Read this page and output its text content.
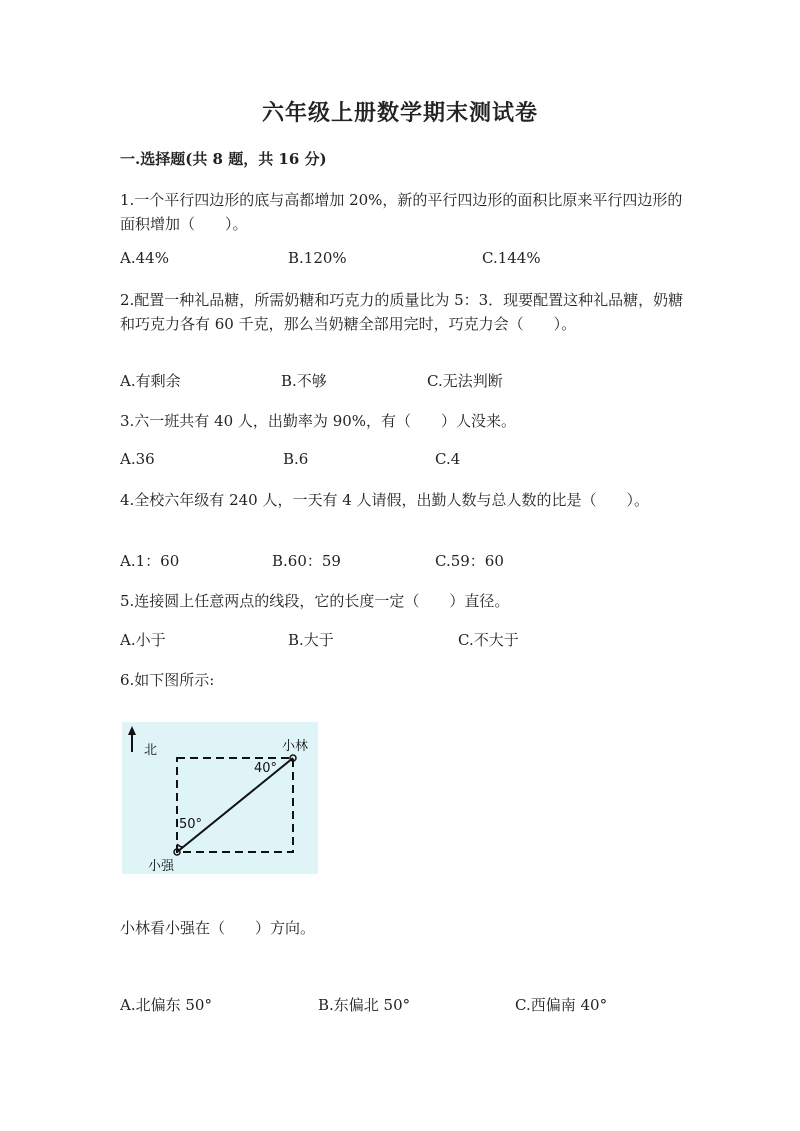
六年级上册数学期末测试卷
一.选择题(共 8 题，共 16 分)
1.一个平行四边形的底与高都增加 20%，新的平行四边形的面积比原来平行四边形的面积增加（　　）。
A.44%	B.120%	C.144%
2.配置一种礼品糖，所需奶糖和巧克力的质量比为 5：3．现要配置这种礼品糖，奶糖和巧克力各有 60 千克，那么当奶糖全部用完时，巧克力会（　　）。
A.有剩余	B.不够	C.无法判断
3.六一班共有 40 人，出勤率为 90%，有（　　）人没来。
A.36	B.6	C.4
4.全校六年级有 240 人，一天有 4 人请假，出勤人数与总人数的比是（　　）。
A.1：60	B.60：59	C.59：60
5.连接圆上任意两点的线段，它的长度一定（　　）直径。
A.小于	B.大于	C.不大于
6.如下图所示:
北	小林
40°
50°
小强
小林看小强在（　　）方向。
A.北偏东 50°	B.东偏北 50°	C.西偏南 40°
